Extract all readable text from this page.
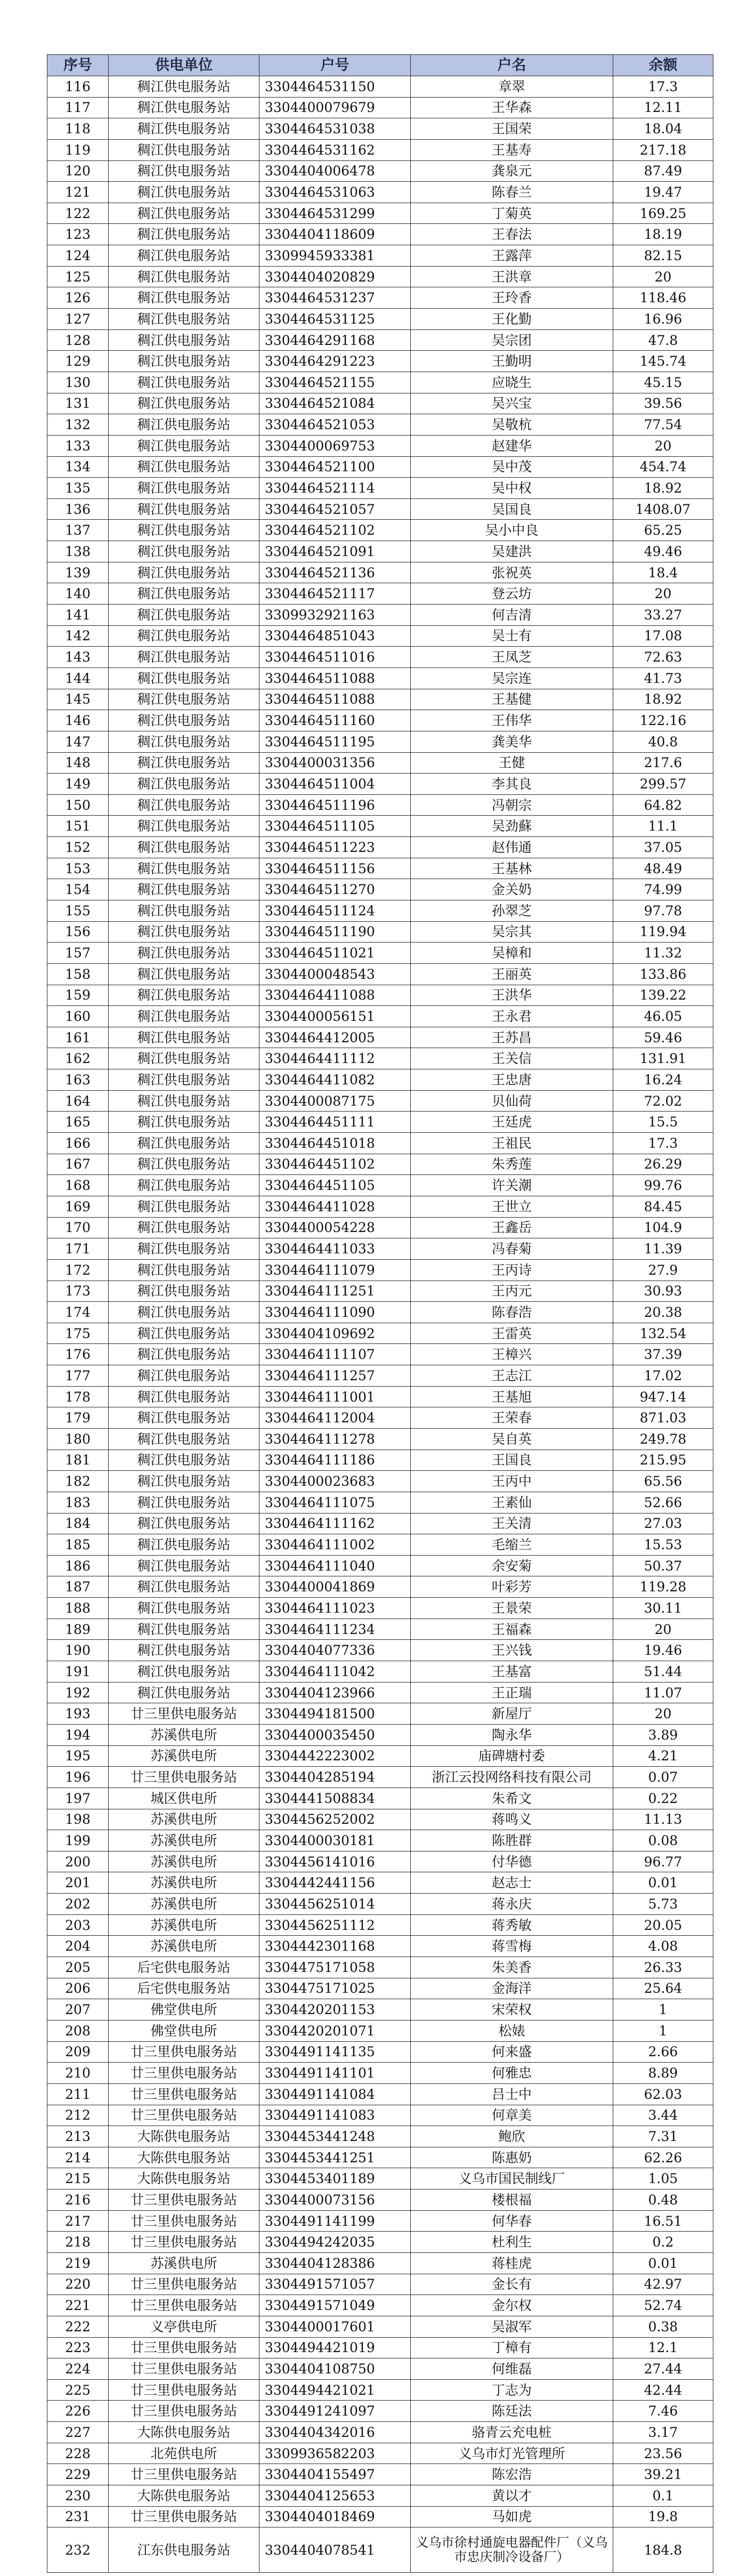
序号	供电单位	户号	户名	余额
116	稠江供电服务站	3304464531150	章翠	17.3
117	稠江供电服务站	3304400079679	王华森	12.11
118	稠江供电服务站	3304464531038	王国荣	18.04
119	稠江供电服务站	3304464531162	王基寿	217.18
120	稠江供电服务站	3304404006478	龚泉元	87.49
121	稠江供电服务站	3304464531063	陈春兰	19.47
122	稠江供电服务站	3304464531299	丁菊英	169.25
123	稠江供电服务站	3304404118609	王春法	18.19
124	稠江供电服务站	3309945933381	王露萍	82.15
125	稠江供电服务站	3304404020829	王洪章	20
126	稠江供电服务站	3304464531237	王玲香	118.46
127	稠江供电服务站	3304464531125	王化勤	16.96
128	稠江供电服务站	3304464291168	吴宗团	47.8
129	稠江供电服务站	3304464291223	王勤明	145.74
130	稠江供电服务站	3304464521155	应晓生	45.15
131	稠江供电服务站	3304464521084	吴兴宝	39.56
132	稠江供电服务站	3304464521053	吴敬杭	77.54
133	稠江供电服务站	3304400069753	赵建华	20
134	稠江供电服务站	3304464521100	吴中茂	454.74
135	稠江供电服务站	3304464521114	吴中权	18.92
136	稠江供电服务站	3304464521057	吴国良	1408.07
137	稠江供电服务站	3304464521102	吴小中良	65.25
138	稠江供电服务站	3304464521091	吴建洪	49.46
139	稠江供电服务站	3304464521136	张祝英	18.4
140	稠江供电服务站	3304464521117	登云坊	20
141	稠江供电服务站	3309932921163	何吉清	33.27
142	稠江供电服务站	3304464851043	吴士有	17.08
143	稠江供电服务站	3304464511016	王凤芝	72.63
144	稠江供电服务站	3304464511088	吴宗连	41.73
145	稠江供电服务站	3304464511088	王基健	18.92
146	稠江供电服务站	3304464511160	王伟华	122.16
147	稠江供电服务站	3304464511195	龚美华	40.8
148	稠江供电服务站	3304400031356	王健	217.6
149	稠江供电服务站	3304464511004	李其良	299.57
150	稠江供电服务站	3304464511196	冯朝宗	64.82
151	稠江供电服务站	3304464511105	吴劲蘇	11.1
152	稠江供电服务站	3304464511223	赵伟通	37.05
153	稠江供电服务站	3304464511156	王基林	48.49
154	稠江供电服务站	3304464511270	金关奶	74.99
155	稠江供电服务站	3304464511124	孙翠芝	97.78
156	稠江供电服务站	3304464511190	吴宗其	119.94
157	稠江供电服务站	3304464511021	吴樟和	11.32
158	稠江供电服务站	3304400048543	王丽英	133.86
159	稠江供电服务站	3304464411088	王洪华	139.22
160	稠江供电服务站	3304400056151	王永君	46.05
161	稠江供电服务站	3304464412005	王苏昌	59.46
162	稠江供电服务站	3304464411112	王关信	131.91
163	稠江供电服务站	3304464411082	王忠唐	16.24
164	稠江供电服务站	3304400087175	贝仙荷	72.02
165	稠江供电服务站	3304464451111	王廷虎	15.5
166	稠江供电服务站	3304464451018	王祖民	17.3
167	稠江供电服务站	3304464451102	朱秀莲	26.29
168	稠江供电服务站	3304464451105	许关潮	99.76
169	稠江供电服务站	3304464411028	王世立	84.45
170	稠江供电服务站	3304400054228	王鑫岳	104.9
171	稠江供电服务站	3304464411033	冯春菊	11.39
172	稠江供电服务站	3304464111079	王丙诗	27.9
173	稠江供电服务站	3304464111251	王丙元	30.93
174	稠江供电服务站	3304464111090	陈春浩	20.38
175	稠江供电服务站	3304404109692	王雷英	132.54
176	稠江供电服务站	3304464111107	王樟兴	37.39
177	稠江供电服务站	3304464111257	王志江	17.02
178	稠江供电服务站	3304464111001	王基旭	947.14
179	稠江供电服务站	3304464112004	王荣春	871.03
180	稠江供电服务站	3304464111278	吴自英	249.78
181	稠江供电服务站	3304464111186	王国良	215.95
182	稠江供电服务站	3304400023683	王丙中	65.56
183	稠江供电服务站	3304464111075	王素仙	52.66
184	稠江供电服务站	3304464111162	王关清	27.03
185	稠江供电服务站	3304464111002	毛缩兰	15.53
186	稠江供电服务站	3304464111040	余安菊	50.37
187	稠江供电服务站	3304400041869	叶彩芳	119.28
188	稠江供电服务站	3304464111023	王景荣	30.11
189	稠江供电服务站	3304464111234	王福森	20
190	稠江供电服务站	3304404077336	王兴钱	19.46
191	稠江供电服务站	3304464111042	王基富	51.44
192	稠江供电服务站	3304404123966	王正瑞	11.07
193	廿三里供电服务站	3304494181500	新屋厅	20
194	苏溪供电所	3304400035450	陶永华	3.89
195	苏溪供电所	3304442223002	庙碑塘村委	4.21
196	廿三里供电服务站	3304404285194	浙江云投网络科技有限公司	0.07
197	城区供电所	3304441508834	朱希文	0.22
198	苏溪供电所	3304456252002	蒋鸣义	11.13
199	苏溪供电所	3304400030181	陈胜群	0.08
200	苏溪供电所	3304456141016	付华德	96.77
201	苏溪供电所	3304442441156	赵志士	0.01
202	苏溪供电所	3304456251014	蒋永庆	5.73
203	苏溪供电所	3304456251112	蒋秀敏	20.05
204	苏溪供电所	3304442301168	蒋雪梅	4.08
205	后宅供电服务站	3304475171058	朱美香	26.33
206	后宅供电服务站	3304475171025	金海洋	25.64
207	佛堂供电所	3304420201153	宋荣权	1
208	佛堂供电所	3304420201071	松婊	1
209	廿三里供电服务站	3304491141135	何来盛	2.66
210	廿三里供电服务站	3304491141101	何雅忠	8.89
211	廿三里供电服务站	3304491141084	吕士中	62.03
212	廿三里供电服务站	3304491141083	何章美	3.44
213	大陈供电服务站	3304453441248	鲍欣	7.31
214	大陈供电服务站	3304453441251	陈惠奶	62.26
215	大陈供电服务站	3304453401189	义乌市国民制线厂	1.05
216	廿三里供电服务站	3304400073156	楼根福	0.48
217	廿三里供电服务站	3304491141199	何华春	16.51
218	廿三里供电服务站	3304494242035	杜利生	0.2
219	苏溪供电所	3304404128386	蒋桂虎	0.01
220	廿三里供电服务站	3304491571057	金长有	42.97
221	廿三里供电服务站	3304491571049	金尔权	52.74
222	义亭供电所	3304400017601	吴淑军	0.38
223	廿三里供电服务站	3304494421019	丁樟有	12.1
224	廿三里供电服务站	3304404108750	何维磊	27.44
225	廿三里供电服务站	3304494421021	丁志为	42.44
226	廿三里供电服务站	3304491241097	陈廷法	7.46
227	大陈供电服务站	3304404342016	骆青云充电桩	3.17
228	北苑供电所	3309936582203	义乌市灯光管理所	23.56
229	廿三里供电服务站	3304404155497	陈宏浩	39.21
230	大陈供电服务站	3304404125653	黄以才	0.1
231	廿三里供电服务站	3304404018469	马如虎	19.8
232	江东供电服务站	3304404078541	义乌市徐村通旋电器配件厂（义乌市忠庆制冷设备厂）	184.8
